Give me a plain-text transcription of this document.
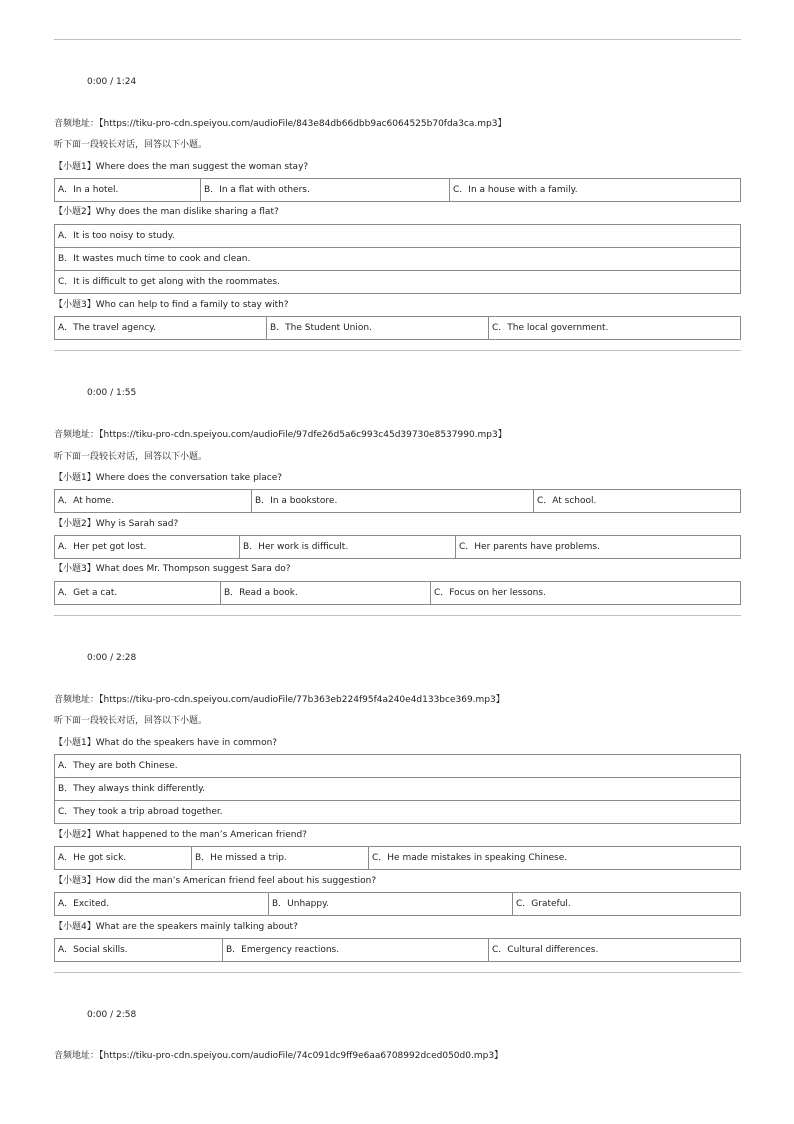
0:00 / 1:24
音频地址：【https://tiku-pro-cdn.speiyou.com/audioFile/843e84db66dbb9ac6064525b70fda3ca.mp3】
听下面一段较长对话，回答以下小题。
【小题1】Where does the man suggest the woman stay?
A．In a hotel.	B．In a flat with others.	C．In a house with a family.
【小题2】Why does the man dislike sharing a flat?
A．It is too noisy to study.
B．It wastes much time to cook and clean.
C．It is difficult to get along with the roommates.
【小题3】Who can help to find a family to stay with?
A．The travel agency.	B．The Student Union.	C．The local government.
0:00 / 1:55
音频地址：【https://tiku-pro-cdn.speiyou.com/audioFile/97dfe26d5a6c993c45d39730e8537990.mp3】
听下面一段较长对话，回答以下小题。
【小题1】Where does the conversation take place?
A．At home.	B．In a bookstore.	C．At school.
【小题2】Why is Sarah sad?
A．Her pet got lost.	B．Her work is difficult.	C．Her parents have problems.
【小题3】What does Mr. Thompson suggest Sara do?
A．Get a cat.	B．Read a book.	C．Focus on her lessons.
0:00 / 2:28
音频地址：【https://tiku-pro-cdn.speiyou.com/audioFile/77b363eb224f95f4a240e4d133bce369.mp3】
听下面一段较长对话，回答以下小题。
【小题1】What do the speakers have in common?
A．They are both Chinese.
B．They always think differently.
C．They took a trip abroad together.
【小题2】What happened to the man’s American friend?
A．He got sick.	B．He missed a trip.	C．He made mistakes in speaking Chinese.
【小题3】How did the man’s American friend feel about his suggestion?
A．Excited.	B．Unhappy.	C．Grateful.
【小题4】What are the speakers mainly talking about?
A．Social skills.	B．Emergency reactions.	C．Cultural differences.
0:00 / 2:58
音频地址：【https://tiku-pro-cdn.speiyou.com/audioFile/74c091dc9ff9e6aa6708992dced050d0.mp3】
